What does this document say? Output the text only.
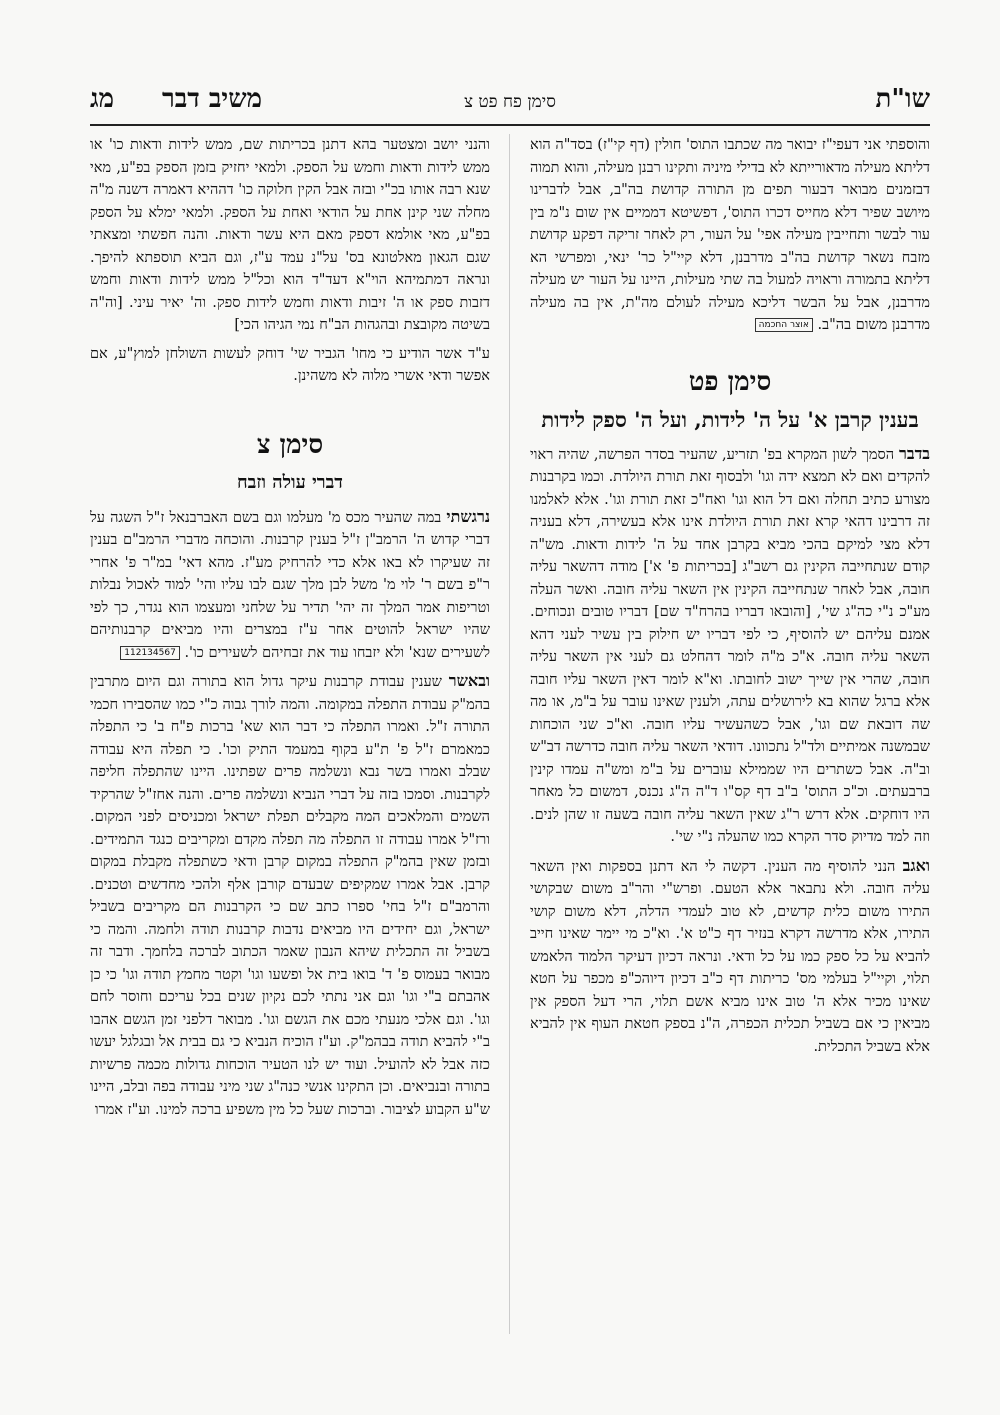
שו"ת
סימן פח פט צ
משיב דבר
מג

והוספתי אני דעפי"ז יבואר מה שכתבו התוס' חולין (דף קי"ז) בסד"ה הוא דליתא מעילה מדאורייתא לא בדילי מיניה ותקינו רבנן מעילה, והוא תמוה דבזמנים מבואר דבעור תפים מן התורה קדושת בה"ב, אבל לדברינו מיושב שפיר דלא מחייס דכרו התוס', דפשיטא דממיים אין שום נ"מ בין עור לבשר ותחייבין מעילה אפי' על העור, רק לאחר זריקה דפקע קדושת מזבח נשאר קדושת בה"ב מדרבנן, דלא קיי"ל כר' ינאי, ומפרשי הא דליתא בתמורה וראויה למעול בה שתי מעילות, היינו על העור יש מעילה מדרבנן, אבל על הבשר דליכא מעילה לעולם מה"ת, אין בה מעילה מדרבנן משום בה"ב. אוצר החכמה

סימן פט
בענין קרבן א' על ה' לידות, ועל ה' ספק לידות

בדבר הסמך לשון המקרא בפ' תזריע, שהעיר בסדר הפרשה, שהיה ראוי להקדים ואם לא תמצא ידה וגו' ולבסוף זאת תורת היולדת. וכמו בקרבנות מצורע כתיב תחלה ואם דל הוא וגו' ואח"כ זאת תורת וגו'. אלא לאלמנו זה דרבינו דהאי קרא זאת תורת היולדת אינו אלא בעשירה, דלא בעניה דלא מצי למיקם בהכי מביא בקרבן אחד על ה' לידות ודאות. מש"ה קודם שנתחייבה הקינין גם רשב"ג [בכריתות פ' א'] מודה דהשאר עליה חובה, אבל לאחר שנתחייבה הקינין אין השאר עליה חובה. ואשר העלה מע"כ נ"י כה"ג שי', [והובאו דבריו בהרח"ד שם] דבריו טובים ונכוחים. אמנם עליהם יש להוסיף, כי לפי דבריו יש חילוק בין עשיר לעני דהא השאר עליה חובה. א"כ מ"ה לומר דהחלט גם לעני אין השאר עליה חובה, שהרי אין שייך ישוב לחובתו. וא"א לומר דאין השאר עליו חובה אלא ברגל שהוא בא לירושלים עתה, ולענין שאינו עובר על ב"מ, או מה שה דובאת שם וגו', אבל כשהעשיר עליו חובה. וא"כ שני הוכחות שבמשנה אמיתיים ולד"ל נתכוונו. דודאי השאר עליה חובה כדרשה דב"ש וב"ה. אבל כשתרים היו שממילא עוברים על ב"מ ומש"ה עמדו קינין ברבעתים. וכ"כ התוס' ב"ב דף קס"ו ד"ה ה"ג נכנס, דמשום כל מאחר היו דוחקים. אלא דרש ר"ג שאין השאר עליה חובה בשעה זו שהן לנים. וזה למד מדיוק סדר הקרא כמו שהעלה נ"י שי'.

ואגב הנני להוסיף מה הענין. דקשה לי הא דתנן בספקות ואין השאר עליה חובה. ולא נתבאר אלא הטעם. ופרש"י והר"ב משום שבקושי התירו משום כלית קדשים, לא טוב לעמדי הדלה, דלא משום קושי התירו, אלא מדרשה דקרא בנזיר דף כ"ט א'. וא"כ מי יימר שאינו חייב להביא על כל ספק כמו על כל ודאי. ונראה דכיון דעיקר הלמוד הלאמש תלוי, וקיי"ל בעלמי מס' כריתות דף כ"ב דכיון דיוהכ"פ מכפר על חטא שאינו מכיר אלא ה' טוב אינו מביא אשם תלוי, הרי דעל הספק אין מביאין כי אם בשביל תכלית הכפרה, ה"נ בספק חטאת העוף אין להביא אלא בשביל התכלית.

והנני יושב ומצטער בהא דתנן בכריתות שם, ממש לידות ודאות כו' או ממש לידות ודאות וחמש על הספק. ולמאי יחזיק בזמן הספק בפ"ע, מאי שנא רבה אותו בכ"י ובזה אבל הקין חלוקה כו' דההיא דאמרה דשנה מ"ה מחלה שני קינן אחת על הודאי ואחת על הספק. ולמאי ימלא על הספק בפ"ע, מאי אולמא דספק מאם היא עשר ודאות. והנה חפשתי ומצאתי שגם הגאון מאלטונא בס' על"נ עמד ע"ז, וגם הביא תוספתא להיפך. ונראה דמתמיהא הוי"א דעד"ד הוא וכל"ל ממש לידות ודאות וחמש דזבות ספק או ה' זיבות ודאות וחמש לידות ספק. וה' יאיר עיני. [וה"ה בשיטה מקובצת ובהגהות הב"ח נמי הגיהו הכי]

ע"ד אשר הודיע כי מחו' הגביר שי' דוחק לעשות השולחן למוץ"ע, אם אפשר ודאי אשרי מלוה לא משהינן.

סימן צ
דברי עולה וזבח

נרגשתי במה שהעיר מכס מ' מעלמו וגם בשם האברבנאל ז"ל השגה על דברי קדוש ה' הרמב"ן ז"ל בענין קרבנות. והוכחה מדברי הרמב"ם בענין זה שעיקרו לא באו אלא כדי להרחיק מע"ז. מהא דאי' במ"ר פ' אחרי ר"פ בשם ר' לוי מ' משל לבן מלך שגם לבו עליו והי' למוד לאכול נבלות וטריפות אמר המלך זה יהי' תדיר על שלחני ומעצמו הוא נגדר, כך לפי שהיו ישראל להוטים אחר ע"ז במצרים והיו מביאים קרבנותיהם לשעירים שנא' ולא יזבחו עוד את זבחיהם לשעירים כו'. 112134567

ובאשר שענין עבודת קרבנות עיקר גדול הוא בתורה וגם היום מתרבין בהמ"ק עבודת התפלה במקומה. והמה לורך גבוה כ"י כמו שהסבירו חכמי התורה ז"ל. ואמרו התפלה כי דבר הוא שא' ברכות פ"ח ב' כי התפלה כמאמרם ז"ל פ' ת"ע בקוף במעמד התיק וכו'. כי תפלה היא עבודה שבלב ואמרו בשר נבא ונשלמה פרים שפתינו. היינו שהתפלה חליפה לקרבנות. וסמכו בזה על דברי הנביא ונשלמה פרים. והנה אחז"ל שהרקיד השמים והמלאכים המה מקבלים תפלת ישראל ומכניסים לפני המקום. ורז"ל אמרו עבודה זו התפלה מה תפלה מקדם ומקריבים כנגד התמידים. ובזמן שאין בהמ"ק התפלה במקום קרבן ודאי כשתפלה מקבלת במקום קרבן. אבל אמרו שמקיפים שבעדם קורבן אלף ולהכי מחדשים וטכנים. והרמב"ם ז"ל בחי' ספרו כתב שם כי הקרבנות הם מקריבים בשביל ישראל, וגם יחידים היו מביאים נדבות קרבנות תודה ולחמה. והמה כי בשביל זה התכלית שיהא הנבון שאמר הכתוב לברכה בלחמך. ודבר זה מבואר בעמוס פ' ד' בואו בית אל ופשעו וגו' וקטר מחמץ תודה וגו' כי כן אהבתם ב"י וגו' וגם אני נתתי לכם נקיון שנים בכל עריכם וחוסר לחם וגו'. וגם אלכי מנעתי מכם את הגשם וגו'. מבואר דלפני זמן הגשם אהבו ב"י להביא תודה בבהמ"ק. וע"ז הוכיח הנביא כי גם בבית אל ובגלגל יעשו כזה אבל לא להועיל. ועוד יש לנו הטעיר הוכחות גדולות מכמה פרשיות בתורה ובנביאים. וכן התקינו אנשי כנה"ג שני מיני עבודה בפה ובלב, היינו ש"ע הקבוע לציבור. וברכות שעל כל מין משפיע ברכה למינו. וע"ז אמרו
